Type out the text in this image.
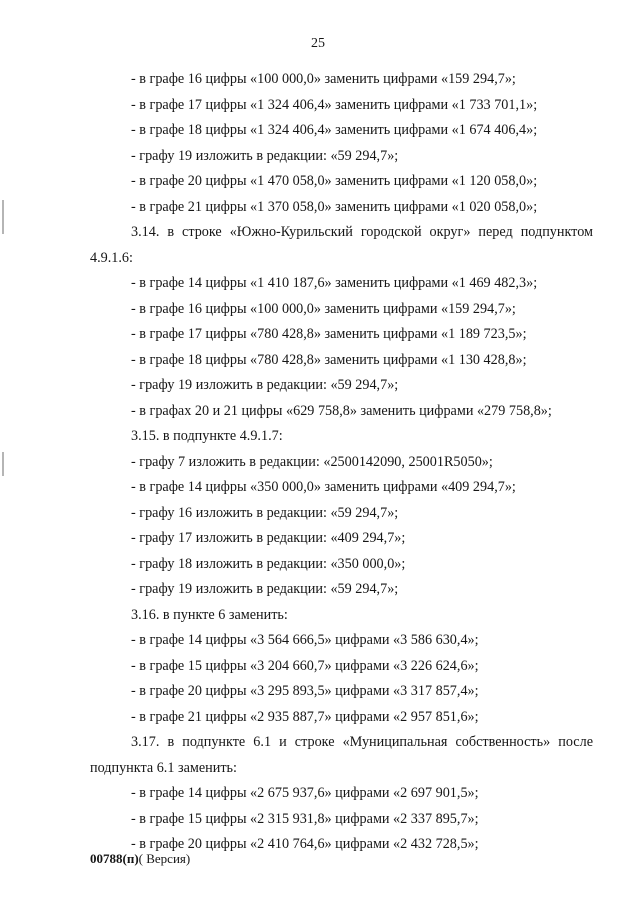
25
- в графе 16 цифры «100 000,0» заменить цифрами «159 294,7»;
- в графе 17 цифры «1 324 406,4» заменить цифрами «1 733 701,1»;
- в графе 18 цифры «1 324 406,4» заменить цифрами «1 674 406,4»;
- графу 19 изложить в редакции: «59 294,7»;
- в графе 20 цифры «1 470 058,0» заменить цифрами «1 120 058,0»;
- в графе 21 цифры «1 370 058,0» заменить цифрами «1 020 058,0»;
3.14. в строке «Южно-Курильский городской округ» перед подпунктом
4.9.1.6:
- в графе 14 цифры «1 410 187,6» заменить цифрами «1 469 482,3»;
- в графе 16 цифры «100 000,0» заменить цифрами «159 294,7»;
- в графе 17 цифры «780 428,8» заменить цифрами «1 189 723,5»;
- в графе 18 цифры «780 428,8» заменить цифрами «1 130 428,8»;
- графу 19 изложить в редакции: «59 294,7»;
- в графах 20 и 21 цифры «629 758,8» заменить цифрами «279 758,8»;
3.15. в подпункте 4.9.1.7:
- графу 7 изложить в редакции: «2500142090, 25001R5050»;
- в графе 14 цифры «350 000,0» заменить цифрами «409 294,7»;
- графу 16 изложить в редакции: «59 294,7»;
- графу 17 изложить в редакции: «409 294,7»;
- графу 18 изложить в редакции: «350 000,0»;
- графу 19 изложить в редакции: «59 294,7»;
3.16. в пункте 6 заменить:
- в графе 14 цифры «3 564 666,5» цифрами «3 586 630,4»;
- в графе 15 цифры «3 204 660,7» цифрами «3 226 624,6»;
- в графе 20 цифры «3 295 893,5» цифрами «3 317 857,4»;
- в графе 21 цифры «2 935 887,7» цифрами «2 957 851,6»;
3.17. в подпункте 6.1 и строке «Муниципальная собственность» после
подпункта 6.1 заменить:
- в графе 14 цифры «2 675 937,6» цифрами «2 697 901,5»;
- в графе 15 цифры «2 315 931,8» цифрами «2 337 895,7»;
- в графе 20 цифры «2 410 764,6» цифрами «2 432 728,5»;
00788(п)( Версия)
